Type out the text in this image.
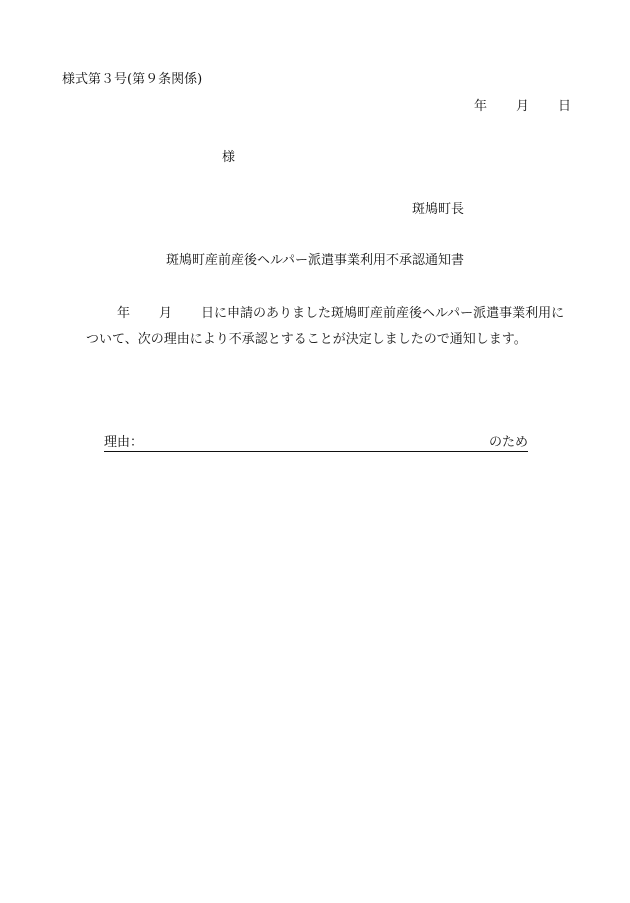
様式第３号(第９条関係)
年 月 日
様
斑鳩町長
斑鳩町産前産後ヘルパー派遣事業利用不承認通知書
年 月 日に申請のありました斑鳩町産前産後ヘルパー派遣事業利用に
ついて、次の理由により不承認とすることが決定しましたので通知します。
理由：	のため
